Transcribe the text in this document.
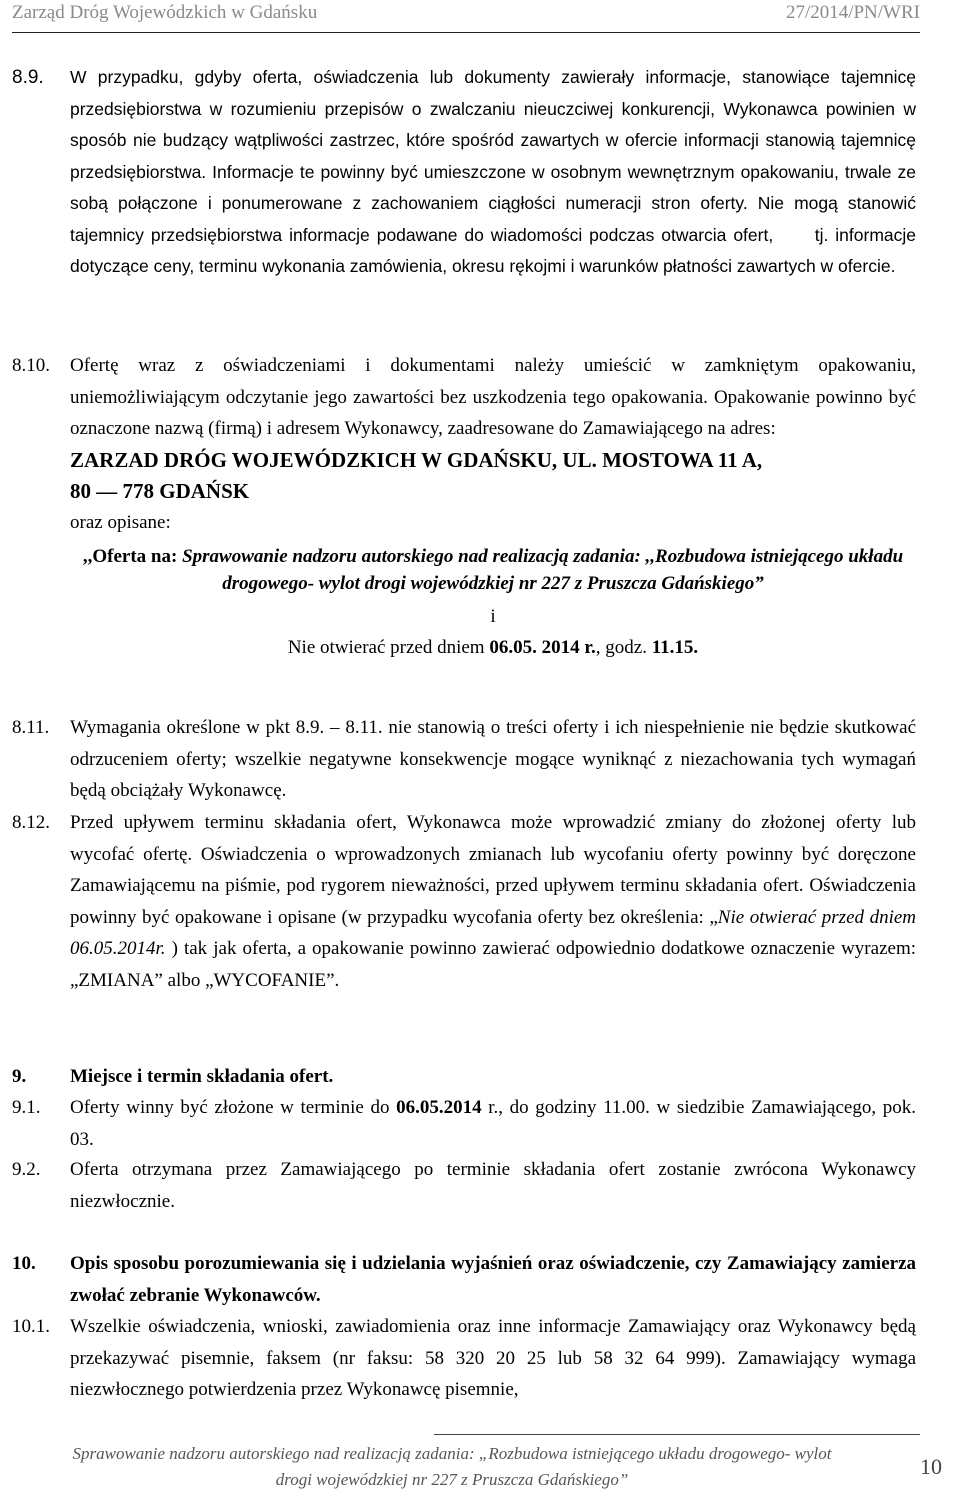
Zarząd Dróg Wojewódzkich w Gdańsku	27/2014/PN/WRI
8.9. W przypadku, gdyby oferta, oświadczenia lub dokumenty zawierały informacje, stanowiące tajemnicę przedsiębiorstwa w rozumieniu przepisów o zwalczaniu nieuczciwej konkurencji, Wykonawca powinien w sposób nie budzący wątpliwości zastrzec, które spośród zawartych w ofercie informacji stanowią tajemnicę przedsiębiorstwa. Informacje te powinny być umieszczone w osobnym wewnętrznym opakowaniu, trwale ze sobą połączone i ponumerowane z zachowaniem ciągłości numeracji stron oferty. Nie mogą stanowić tajemnicy przedsiębiorstwa informacje podawane do wiadomości podczas otwarcia ofert,      tj. informacje dotyczące ceny, terminu wykonania zamówienia, okresu rękojmi i warunków płatności zawartych w ofercie.
8.10. Ofertę wraz z oświadczeniami i dokumentami należy umieścić w zamkniętym opakowaniu, uniemożliwiającym odczytanie jego zawartości bez uszkodzenia tego opakowania. Opakowanie powinno być oznaczone nazwą (firmą) i adresem Wykonawcy, zaadresowane do Zamawiającego na adres:
ZARZAD DRÓG WOJEWÓDZKICH W GDAŃSKU, UL. MOSTOWA 11 A,
80 — 778 GDAŃSK
oraz opisane:
,,Oferta na: Sprawowanie nadzoru autorskiego nad realizacją zadania: ,,Rozbudowa istniejącego układu drogowego- wylot drogi wojewódzkiej nr 227 z Pruszcza Gdańskiego”
i
Nie otwierać przed dniem 06.05. 2014 r., godz. 11.15.
8.11. Wymagania określone w pkt 8.9. – 8.11. nie stanowią o treści oferty i ich niespełnienie nie będzie skutkować odrzuceniem oferty; wszelkie negatywne konsekwencje mogące wyniknąć z niezachowania tych wymagań będą obciążały Wykonawcę.
8.12. Przed upływem terminu składania ofert, Wykonawca może wprowadzić zmiany do złożonej oferty lub wycofać ofertę. Oświadczenia o wprowadzonych zmianach lub wycofaniu oferty powinny być doręczone Zamawiającemu na piśmie, pod rygorem nieważności, przed upływem terminu składania ofert. Oświadczenia powinny być opakowane i opisane (w przypadku wycofania oferty bez określenia: „Nie otwierać przed dniem 06.05.2014r. ) tak jak oferta, a opakowanie powinno zawierać odpowiednio dodatkowe oznaczenie wyrazem: „ZMIANA” albo „WYCOFANIE”.
9. Miejsce i termin składania ofert.
9.1. Oferty winny być złożone w terminie do 06.05.2014 r., do godziny 11.00. w siedzibie Zamawiającego, pok. 03.
9.2. Oferta otrzymana przez Zamawiającego po terminie składania ofert zostanie zwrócona Wykonawcy niezwłocznie.
10. Opis sposobu porozumiewania się i udzielania wyjaśnień oraz oświadczenie, czy Zamawiający zamierza zwołać zebranie Wykonawców.
10.1. Wszelkie oświadczenia, wnioski, zawiadomienia oraz inne informacje Zamawiający oraz Wykonawcy będą przekazywać pisemnie, faksem (nr faksu: 58 320 20 25 lub 58 32 64 999). Zamawiający wymaga niezwłocznego potwierdzenia przez Wykonawcę pisemnie,
Sprawowanie nadzoru autorskiego nad realizacją zadania: „Rozbudowa istniejącego układu drogowego- wylot
drogi wojewódzkiej nr 227 z Pruszcza Gdańskiego”
10
